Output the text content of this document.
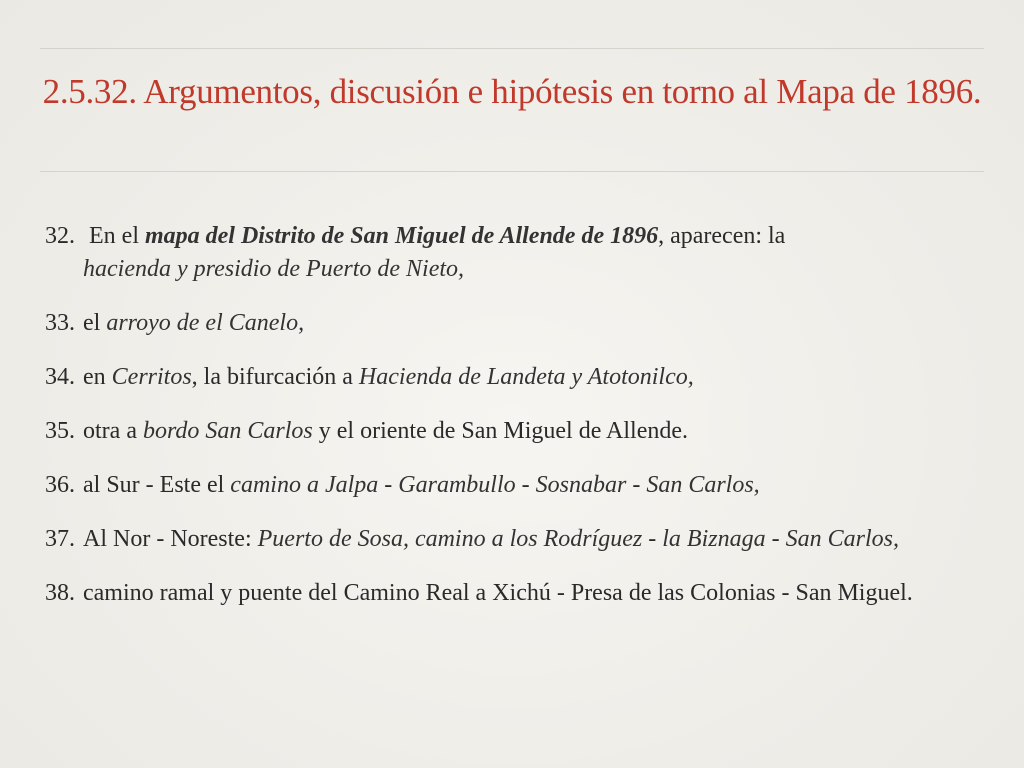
2.5.32. Argumentos, discusión e hipótesis en torno al Mapa de 1896.
32. En el mapa del Distrito de San Miguel de Allende de 1896, aparecen: la
hacienda y presidio de Puerto de Nieto,
33. el arroyo de el Canelo,
34. en Cerritos, la bifurcación a Hacienda de Landeta y Atotonilco,
35. otra a bordo San Carlos y el oriente de San Miguel de Allende.
36. al Sur - Este el camino a Jalpa - Garambullo - Sosnabar - San Carlos,
37. Al Nor - Noreste: Puerto de Sosa, camino a los Rodríguez - la Biznaga - San Carlos,
38. camino ramal y puente del Camino Real a Xichú - Presa de las Colonias - San Miguel.
